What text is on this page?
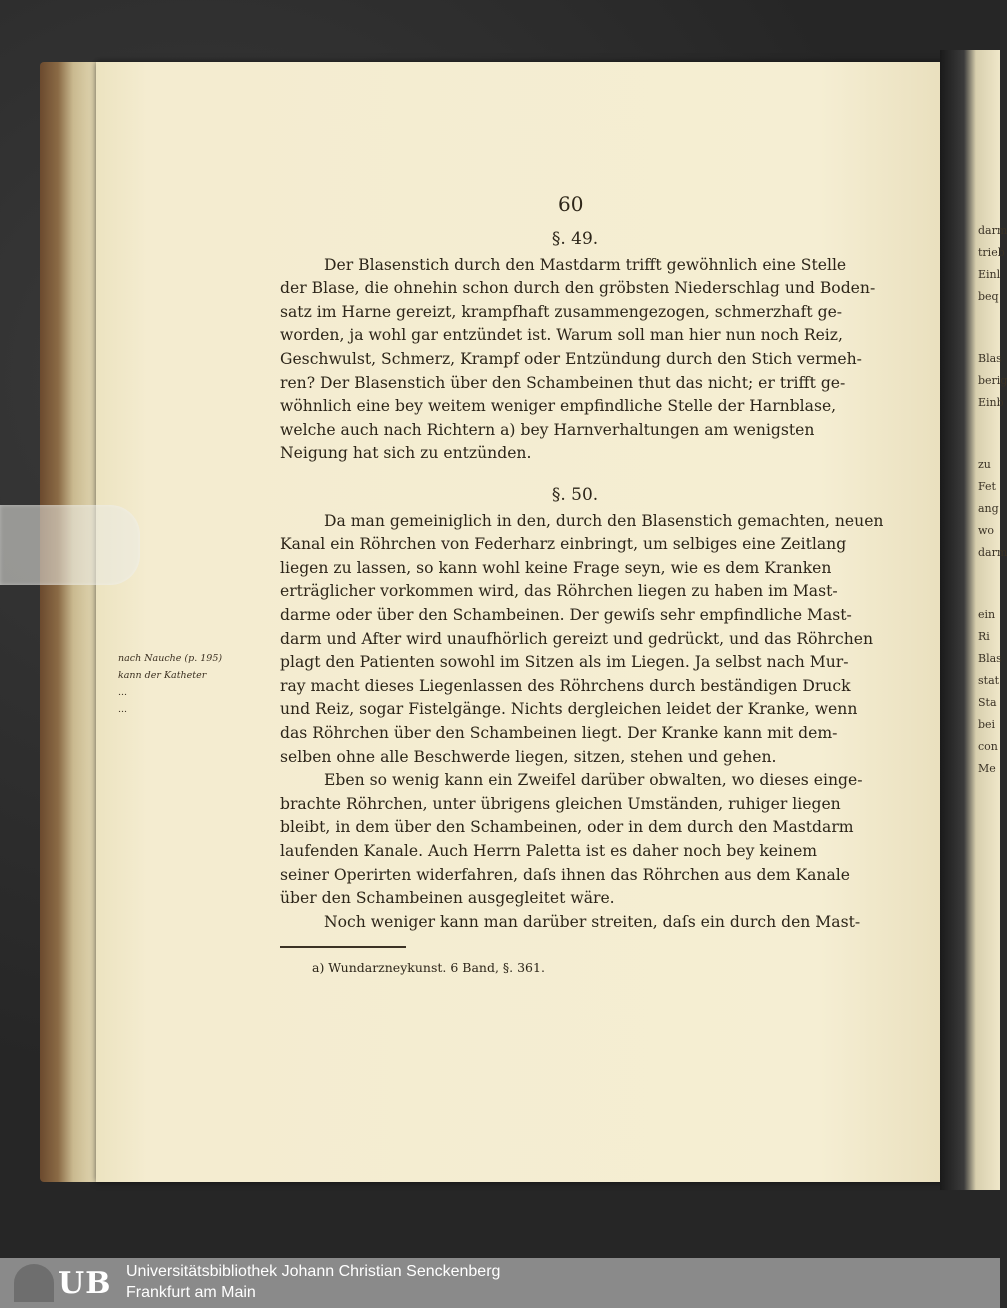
darm
trieb
Einl
beq
Blas
berig
Einb
zu
Fet
ang
wo
darm
ein
Ri
Blas
stat
Sta
bei
con
Me
60
§. 49.
Der Blasenstich durch den Mastdarm trifft gewöhnlich eine Stelle
der Blase, die ohnehin schon durch den gröbsten Niederschlag und Boden-
satz im Harne gereizt, krampfhaft zusammengezogen, schmerzhaft ge-
worden, ja wohl gar entzündet ist. Warum soll man hier nun noch Reiz,
Geschwulst, Schmerz, Krampf oder Entzündung durch den Stich vermeh-
ren? Der Blasenstich über den Schambeinen thut das nicht; er trifft ge-
wöhnlich eine bey weitem weniger empfindliche Stelle der Harnblase,
welche auch nach Richtern a) bey Harnverhaltungen am wenigsten
Neigung hat sich zu entzünden.
§. 50.
Da man gemeiniglich in den, durch den Blasenstich gemachten, neuen
Kanal ein Röhrchen von Federharz einbringt, um selbiges eine Zeitlang
liegen zu lassen, so kann wohl keine Frage seyn, wie es dem Kranken
erträglicher vorkommen wird, das Röhrchen liegen zu haben im Mast-
darme oder über den Schambeinen. Der gewiſs sehr empfindliche Mast-
darm und After wird unaufhörlich gereizt und gedrückt, und das Röhrchen
plagt den Patienten sowohl im Sitzen als im Liegen. Ja selbst nach Mur-
ray macht dieses Liegenlassen des Röhrchens durch beständigen Druck
und Reiz, sogar Fistelgänge. Nichts dergleichen leidet der Kranke, wenn
das Röhrchen über den Schambeinen liegt. Der Kranke kann mit dem-
selben ohne alle Beschwerde liegen, sitzen, stehen und gehen.
Eben so wenig kann ein Zweifel darüber obwalten, wo dieses einge-
brachte Röhrchen, unter übrigens gleichen Umständen, ruhiger liegen
bleibt, in dem über den Schambeinen, oder in dem durch den Mastdarm
laufenden Kanale. Auch Herrn Paletta ist es daher noch bey keinem
seiner Operirten widerfahren, daſs ihnen das Röhrchen aus dem Kanale
über den Schambeinen ausgegleitet wäre.
Noch weniger kann man darüber streiten, daſs ein durch den Mast-
nach Nauche (p. 195)
kann der Katheter
...
...
a) Wundarzneykunst. 6 Band, §. 361.
UB Universitätsbibliothek Johann Christian Senckenberg
Frankfurt am Main
